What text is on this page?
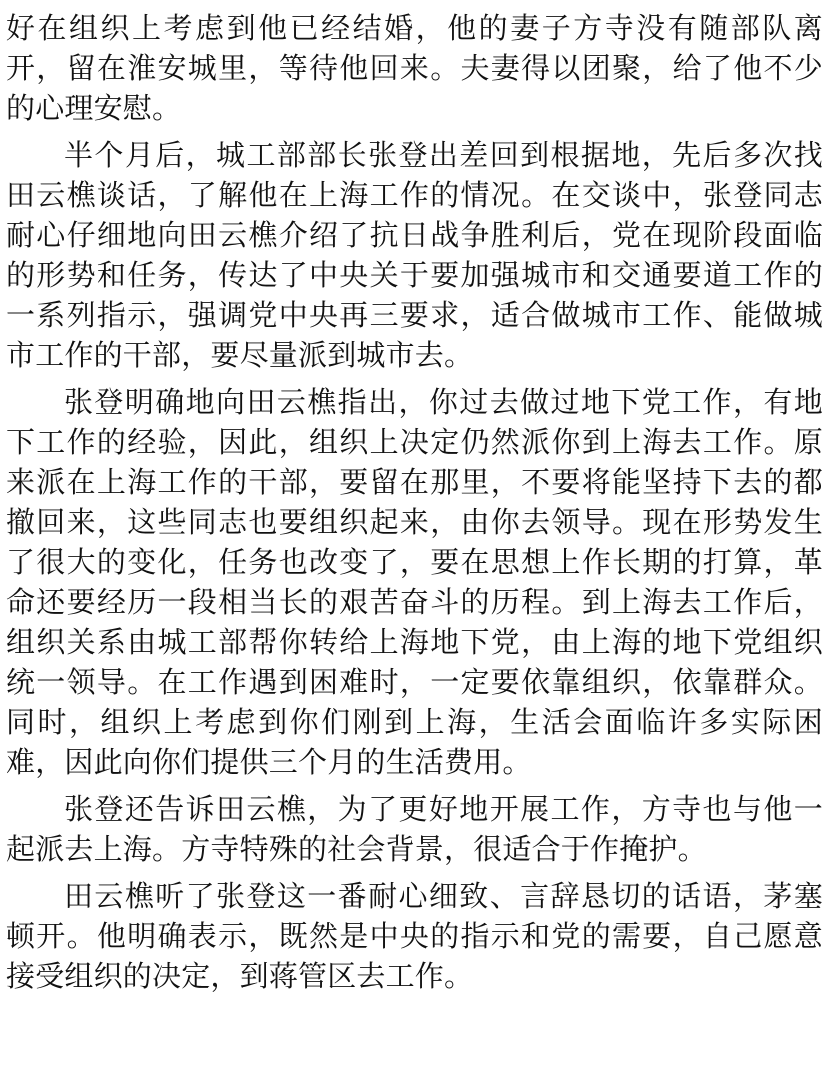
好在组织上考虑到他已经结婚，他的妻子方寺没有随部队离开，留在淮安城里，等待他回来。夫妻得以团聚，给了他不少的心理安慰。

半个月后，城工部部长张登出差回到根据地，先后多次找田云樵谈话，了解他在上海工作的情况。在交谈中，张登同志耐心仔细地向田云樵介绍了抗日战争胜利后，党在现阶段面临的形势和任务，传达了中央关于要加强城市和交通要道工作的一系列指示，强调党中央再三要求，适合做城市工作、能做城市工作的干部，要尽量派到城市去。

张登明确地向田云樵指出，你过去做过地下党工作，有地下工作的经验，因此，组织上决定仍然派你到上海去工作。原来派在上海工作的干部，要留在那里，不要将能坚持下去的都撤回来，这些同志也要组织起来，由你去领导。现在形势发生了很大的变化，任务也改变了，要在思想上作长期的打算，革命还要经历一段相当长的艰苦奋斗的历程。到上海去工作后，组织关系由城工部帮你转给上海地下党，由上海的地下党组织统一领导。在工作遇到困难时，一定要依靠组织，依靠群众。同时，组织上考虑到你们刚到上海，生活会面临许多实际困难，因此向你们提供三个月的生活费用。

张登还告诉田云樵，为了更好地开展工作，方寺也与他一起派去上海。方寺特殊的社会背景，很适合于作掩护。

田云樵听了张登这一番耐心细致、言辞恳切的话语，茅塞顿开。他明确表示，既然是中央的指示和党的需要，自己愿意接受组织的决定，到蒋管区去工作。
